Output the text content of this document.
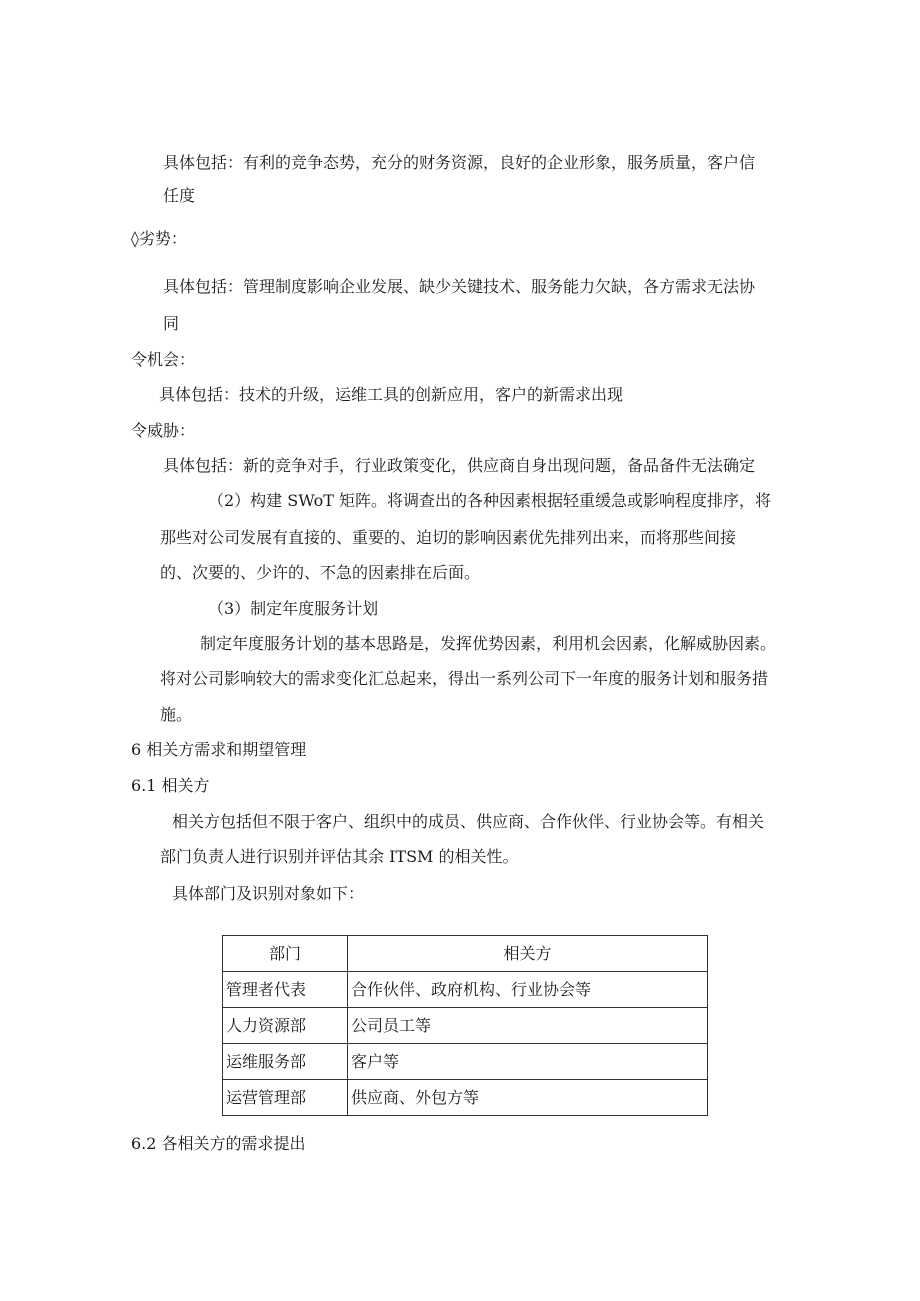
具体包括：有利的竞争态势，充分的财务资源，良好的企业形象，服务质量，客户信
任度
◊劣势：
具体包括：管理制度影响企业发展、缺少关键技术、服务能力欠缺，各方需求无法协
同
令机会：
具体包括：技术的升级，运维工具的创新应用，客户的新需求出现
令威胁：
具体包括：新的竞争对手，行业政策变化，供应商自身出现问题，备品备件无法确定
（2）构建 SWoT 矩阵。将调查出的各种因素根据轻重缓急或影响程度排序，将
那些对公司发展有直接的、重要的、迫切的影响因素优先排列出来，而将那些间接
的、次要的、少许的、不急的因素排在后面。
（3）制定年度服务计划
制定年度服务计划的基本思路是，发挥优势因素，利用机会因素，化解威胁因素。
将对公司影响较大的需求变化汇总起来，得出一系列公司下一年度的服务计划和服务措
施。
6 相关方需求和期望管理
6.1 相关方
相关方包括但不限于客户、组织中的成员、供应商、合作伙伴、行业协会等。有相关
部门负责人进行识别并评估其余 ITSM 的相关性。
具体部门及识别对象如下：
部门	相关方
管理者代表	合作伙伴、政府机构、行业协会等
人力资源部	公司员工等
运维服务部	客户等
运营管理部	供应商、外包方等
6.2 各相关方的需求提出
